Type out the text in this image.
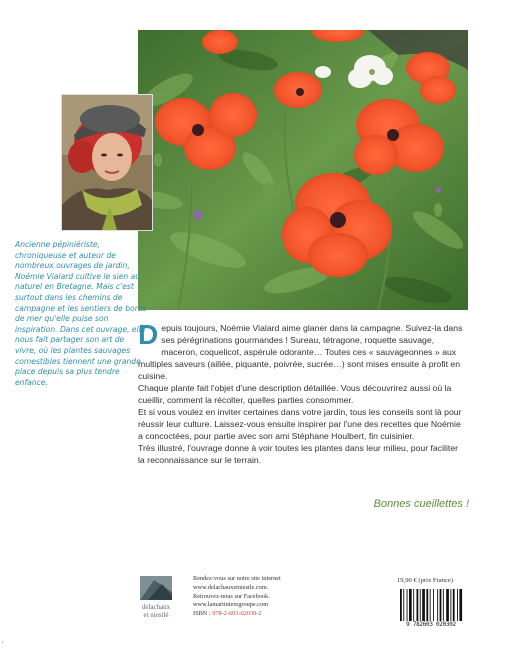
Ancienne pépiniériste, chroniqueuse et auteur de nombreux ouvrages de jardin, Noémie Vialard cultive le sien au naturel en Bretagne. Mais c'est surtout dans les chemins de campagne et les sentiers de bords de mer qu'elle puise son inspiration. Dans cet ouvrage, elle nous fait partager son art de vivre, où les plantes sauvages comestibles tiennent une grande place depuis sa plus tendre enfance.

Depuis toujours, Noémie Vialard aime glaner dans la campagne. Suivez-la dans ses pérégrinations gourmandes ! Sureau, tétragone, roquette sauvage, maceron, coquelicot, aspérule odorante… Toutes ces « sauvageonnes » aux multiples saveurs (aillée, piquante, poivrée, sucrée…) sont mises ensuite à profit en cuisine.

Chaque plante fait l'objet d'une description détaillée. Vous découvrirez aussi où la cueillir, comment la récolter, quelles parties consommer.

Et si vous voulez en inviter certaines dans votre jardin, tous les conseils sont là pour réussir leur culture. Laissez-vous ensuite inspirer par l'une des recettes que Noémie a concoctées, pour partie avec son ami Stéphane Houlbert, fin cuisinier.

Très illustré, l'ouvrage donne à voir toutes les plantes dans leur milieu, pour faciliter la reconnaissance sur le terrain.

Bonnes cueillettes !
delachaux
et niestlé
Rendez-vous sur notre site internet
www.delachauxetniestle.com.
Retrouvez-nous sur Facebook.
www.lamartinieregroupe.com
ISBN : 978-2-603-02030-2
19,90 € (prix France)
9 782603 020302
'
